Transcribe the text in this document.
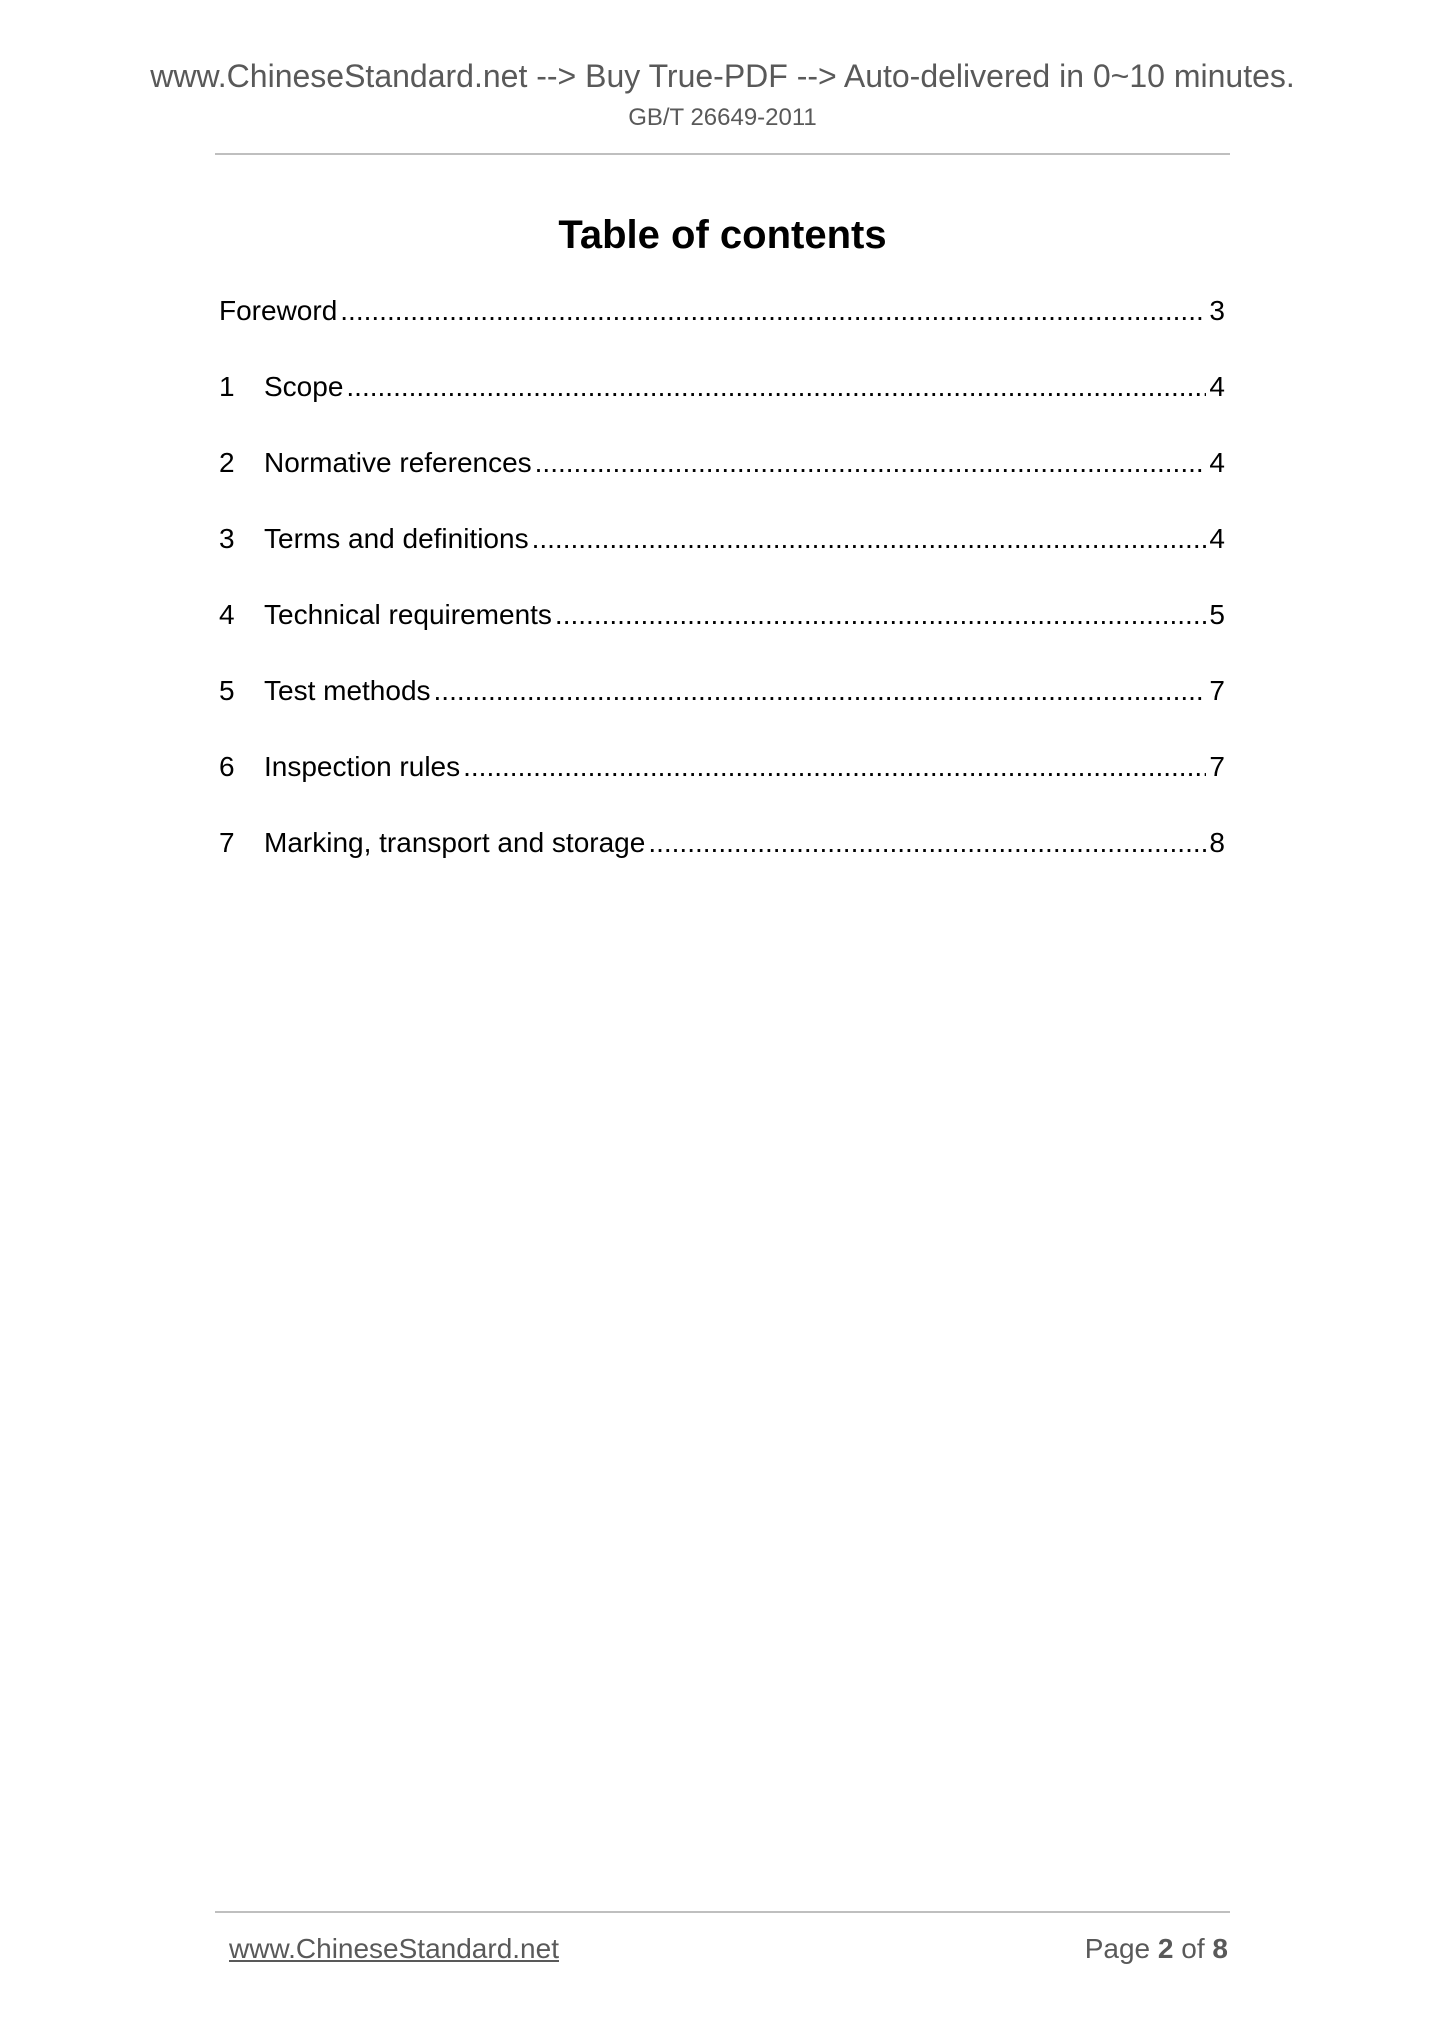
www.ChineseStandard.net --> Buy True-PDF --> Auto-delivered in 0~10 minutes.
GB/T 26649-2011
Table of contents
Foreword .....	3
1	Scope .....	4
2	Normative references .....	4
3	Terms and definitions .....	4
4	Technical requirements .....	5
5	Test methods .....	7
6	Inspection rules .....	7
7	Marking, transport and storage .....	8
www.ChineseStandard.net	Page 2 of 8
